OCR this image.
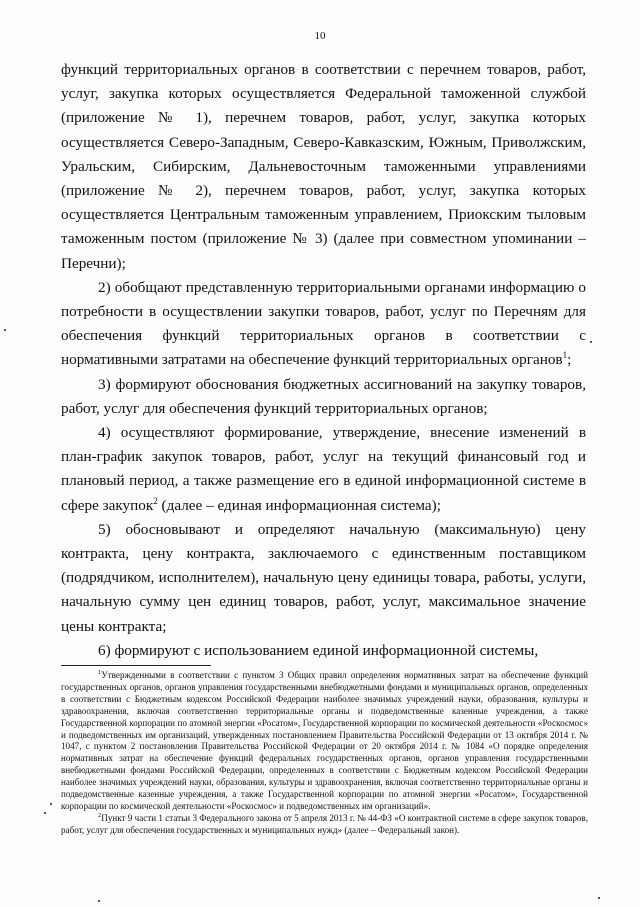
10

функций территориальных органов в соответствии с перечнем товаров, работ, услуг, закупка которых осуществляется Федеральной таможенной службой (приложение № 1), перечнем товаров, работ, услуг, закупка которых осуществляется Северо-Западным, Северо-Кавказским, Южным, Приволжским, Уральским, Сибирским, Дальневосточным таможенными управлениями (приложение № 2), перечнем товаров, работ, услуг, закупка которых осуществляется Центральным таможенным управлением, Приокским тыловым таможенным постом (приложение № 3) (далее при совместном упоминании – Перечни);

2) обобщают представленную территориальными органами информацию о потребности в осуществлении закупки товаров, работ, услуг по Перечням для обеспечения функций территориальных органов в соответствии с нормативными затратами на обеспечение функций территориальных органов$^1$;

3) формируют обоснования бюджетных ассигнований на закупку товаров, работ, услуг для обеспечения функций территориальных органов;

4) осуществляют формирование, утверждение, внесение изменений в план-график закупок товаров, работ, услуг на текущий финансовый год и плановый период, а также размещение его в единой информационной системе в сфере закупок$^2$ (далее – единая информационная система);

5) обосновывают и определяют начальную (максимальную) цену контракта, цену контракта, заключаемого с единственным поставщиком (подрядчиком, исполнителем), начальную цену единицы товара, работы, услуги, начальную сумму цен единиц товаров, работ, услуг, максимальное значение цены контракта;

6) формируют с использованием единой информационной системы,

$^1$Утвержденными в соответствии с пунктом 3 Общих правил определения нормативных затрат на обеспечение функций государственных органов, органов управления государственными внебюджетными фондами и муниципальных органов, определенных в соответствии с Бюджетным кодексом Российской Федерации наиболее значимых учреждений науки, образования, культуры и здравоохранения, включая соответственно территориальные органы и подведомственные казенные учреждения, а также Государственной корпорации по атомной энергии «Росатом», Государственной корпорации по космической деятельности «Роскосмос» и подведомственных им организаций, утвержденных постановлением Правительства Российской Федерации от 13 октября 2014 г. № 1047, с пунктом 2 постановления Правительства Российской Федерации от 20 октября 2014 г. № 1084 «О порядке определения нормативных затрат на обеспечение функций федеральных государственных органов, органов управления государственными внебюджетными фондами Российской Федерации, определенных в соответствии с Бюджетным кодексом Российской Федерации наиболее значимых учреждений науки, образования, культуры и здравоохранения, включая соответственно территориальные органы и подведомственные казенные учреждения, а также Государственной корпорации по атомной энергии «Росатом», Государственной корпорации по космической деятельности «Роскосмос» и подведомственных им организаций».

$^2$Пункт 9 части 1 статьи 3 Федерального закона от 5 апреля 2013 г. № 44-ФЗ «О контрактной системе в сфере закупок товаров, работ, услуг для обеспечения государственных и муниципальных нужд» (далее – Федеральный закон).
